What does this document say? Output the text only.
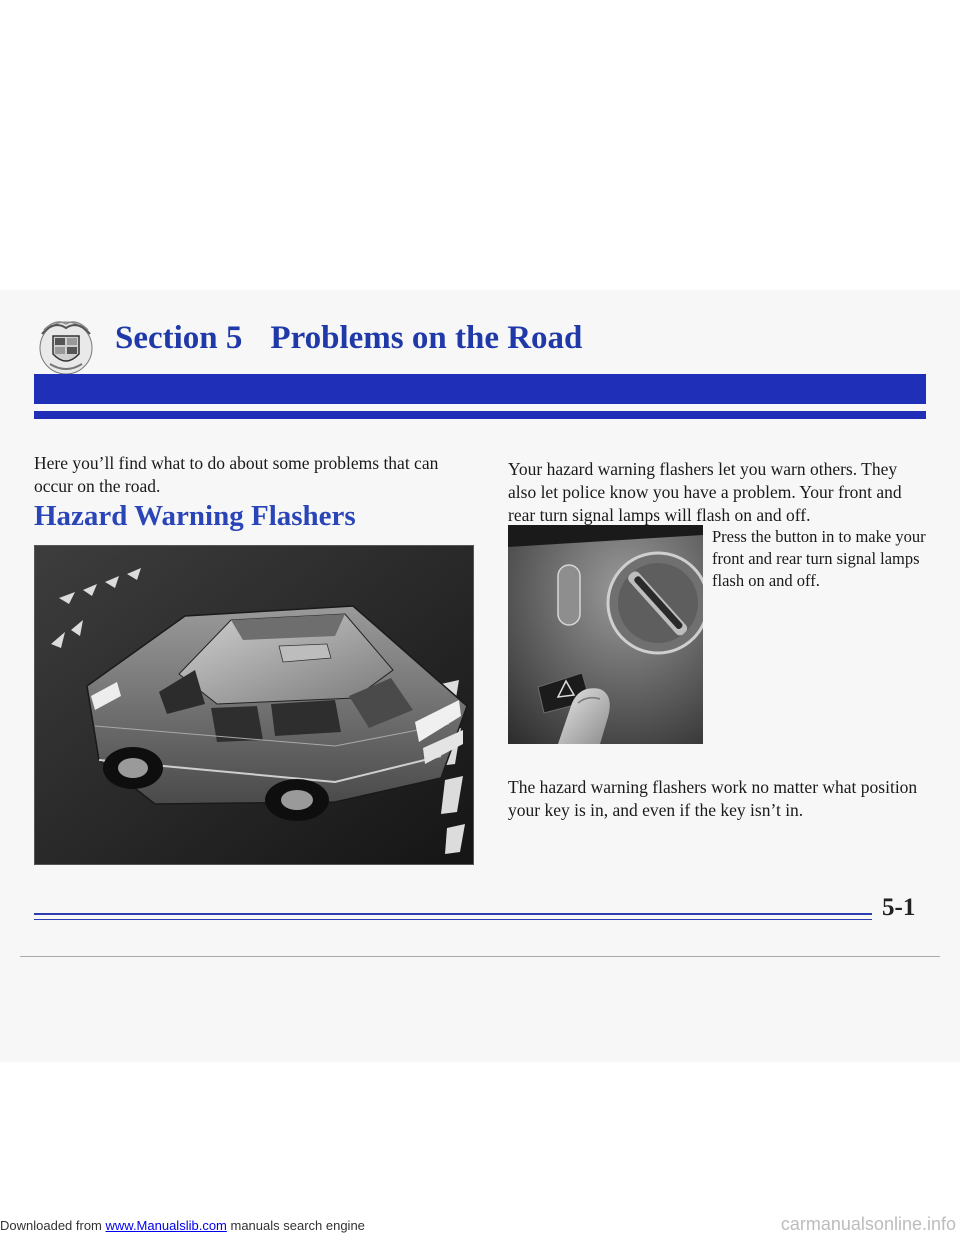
Section 5 Problems on the Road

Here you’ll find what to do about some problems that can occur on the road.

Hazard Warning Flashers

Your hazard warning flashers let you warn others. They also let police know you have a problem. Your front and rear turn signal lamps will flash on and off.

Press the button in to make your front and rear turn signal lamps flash on and off.

The hazard warning flashers work no matter what position your key is in, and even if the key isn’t in.

5-1

Downloaded from www.Manualslib.com manuals search engine	carmanualsonline.info
